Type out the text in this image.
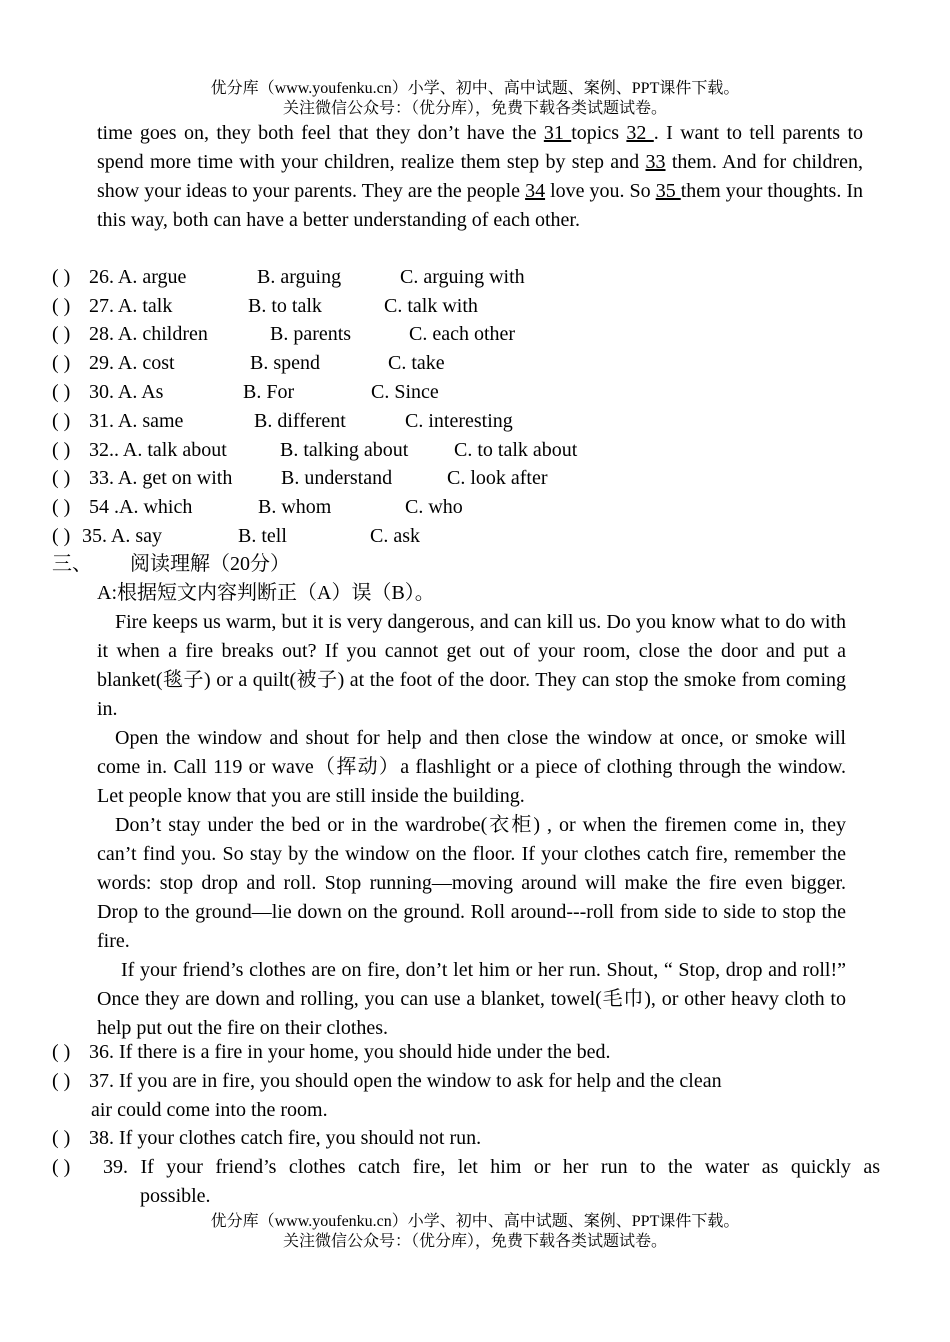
优分库（www.youfenku.cn）小学、初中、高中试题、案例、PPT课件下载。
关注微信公众号：（优分库），免费下载各类试题试卷。

time goes on, they both feel that they don’t have the 31 topics 32 . I want to tell parents to spend more time with your children, realize them step by step and 33 them. And for children, show your ideas to your parents. They are the people 34 love you. So 35 them your thoughts. In this way, both can have a better understanding of each other.

( ) 26. A. argue	B. arguing	C. arguing with
( ) 27. A. talk	B. to talk	C. talk with
( ) 28. A. children	B. parents	C. each other
( ) 29. A. cost	B. spend	C. take
( ) 30. A. As	B. For	C. Since
( ) 31. A. same	B. different	C. interesting
( ) 32.. A. talk about	B. talking about C. to talk about
( ) 33. A. get on with B. understand	C. look after
( ) 54 .A. which	B. whom	C. who
( ) 35. A. say	B. tell	C. ask
三、 阅读理解（20分）
A:根据短文内容判断正（A）误（B）。

Fire keeps us warm, but it is very dangerous, and can kill us. Do you know what to do with it when a fire breaks out? If you cannot get out of your room, close the door and put a blanket(毯子) or a quilt(被子) at the foot of the door. They can stop the smoke from coming in.

Open the window and shout for help and then close the window at once, or smoke will come in. Call 119 or wave（挥动）a flashlight or a piece of clothing through the window. Let people know that you are still inside the building.

Don’t stay under the bed or in the wardrobe(衣柜) , or when the firemen come in, they can’t find you. So stay by the window on the floor. If your clothes catch fire, remember the words: stop drop and roll. Stop running—moving around will make the fire even bigger. Drop to the ground—lie down on the ground. Roll around---roll from side to side to stop the fire.

If your friend’s clothes are on fire, don’t let him or her run. Shout, “ Stop, drop and roll!” Once they are down and rolling, you can use a blanket, towel(毛巾), or other heavy cloth to help put out the fire on their clothes.

( ) 36. If there is a fire in your home, you should hide under the bed.
( ) 37. If you are in fire, you should open the window to ask for help and the clean
air could come into the room.
( ) 38. If your clothes catch fire, you should not run.
( ) 39. If your friend’s clothes catch fire, let him or her run to the water as quickly as
possible.
优分库（www.youfenku.cn）小学、初中、高中试题、案例、PPT课件下载。
关注微信公众号：（优分库），免费下载各类试题试卷。
